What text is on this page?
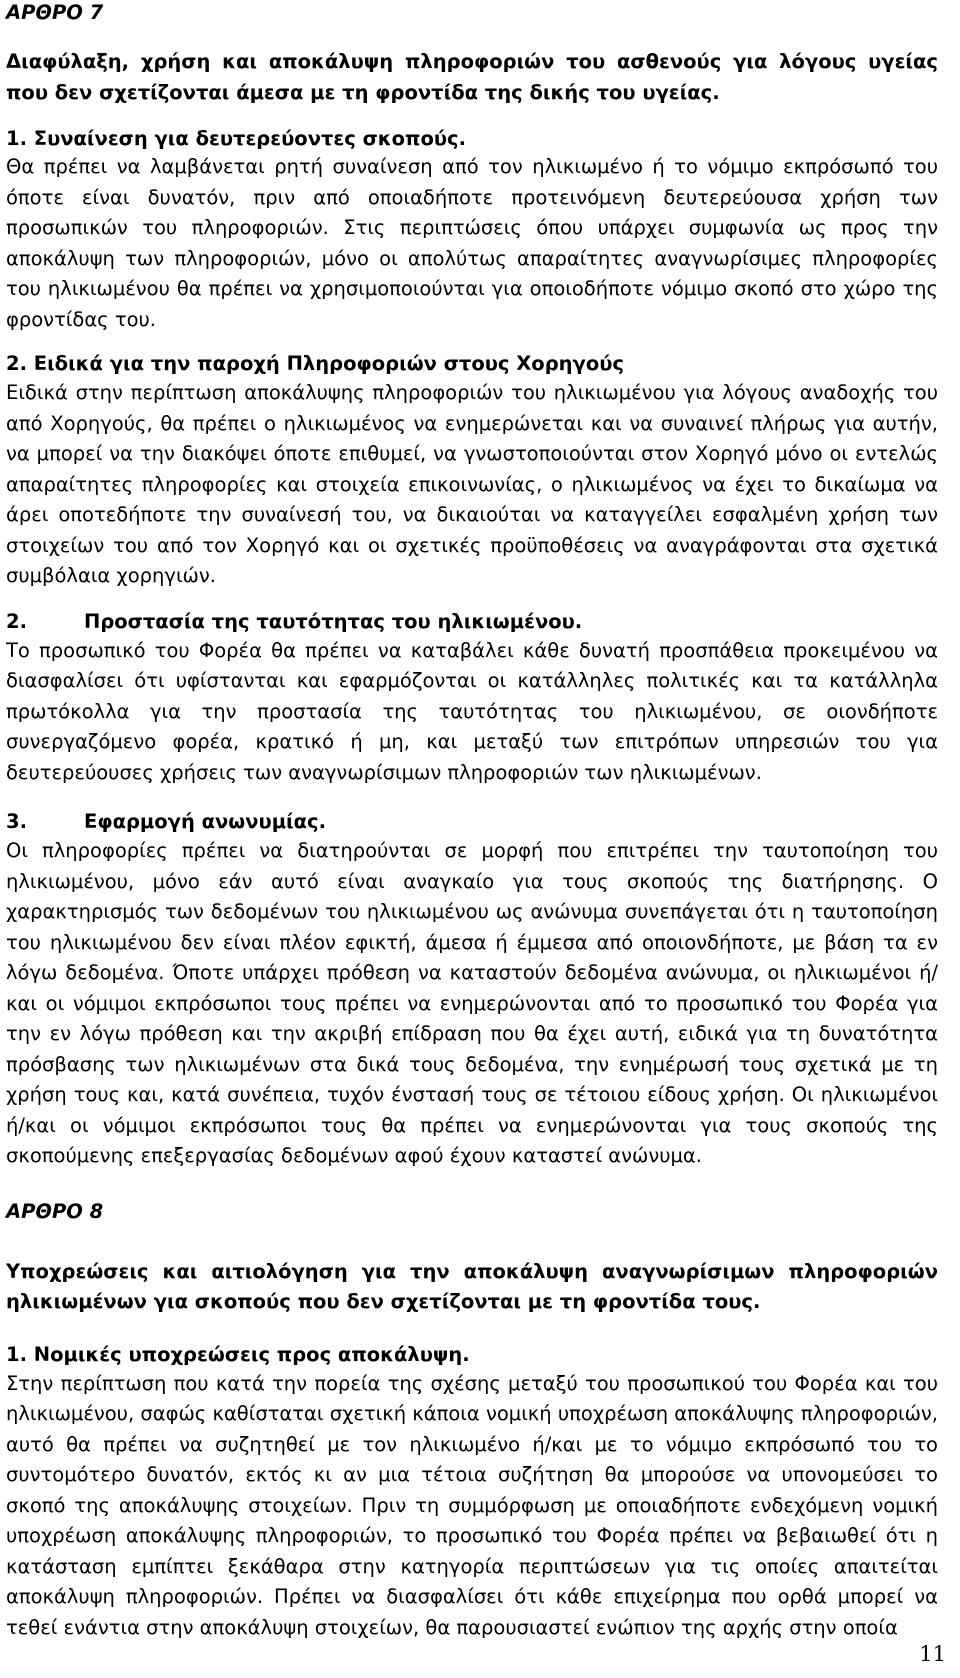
ΑΡΘΡΟ 7

Διαφύλαξη, χρήση και αποκάλυψη πληροφοριών του ασθενούς για λόγους υγείας που δεν σχετίζονται άμεσα με τη φροντίδα της δικής του υγείας.

1. Συναίνεση για δευτερεύοντες σκοπούς.

Θα πρέπει να λαμβάνεται ρητή συναίνεση από τον ηλικιωμένο ή το νόμιμο εκπρόσωπό του όποτε είναι δυνατόν, πριν από οποιαδήποτε προτεινόμενη δευτερεύουσα χρήση των προσωπικών του πληροφοριών. Στις περιπτώσεις όπου υπάρχει συμφωνία ως προς την αποκάλυψη των πληροφοριών, μόνο οι απολύτως απαραίτητες αναγνωρίσιμες πληροφορίες του ηλικιωμένου θα πρέπει να χρησιμοποιούνται για οποιοδήποτε νόμιμο σκοπό στο χώρο της φροντίδας του.

2. Ειδικά για την παροχή Πληροφοριών στους Χορηγούς

Ειδικά στην περίπτωση αποκάλυψης πληροφοριών του ηλικιωμένου για λόγους αναδοχής του από Χορηγούς, θα πρέπει ο ηλικιωμένος να ενημερώνεται και να συναινεί πλήρως για αυτήν, να μπορεί να την διακόψει όποτε επιθυμεί, να γνωστοποιούνται στον Χορηγό μόνο οι εντελώς απαραίτητες πληροφορίες και στοιχεία επικοινωνίας, ο ηλικιωμένος να έχει το δικαίωμα να άρει οποτεδήποτε την συναίνεσή του, να δικαιούται να καταγγείλει εσφαλμένη χρήση των στοιχείων του από τον Χορηγό και οι σχετικές προϋποθέσεις να αναγράφονται στα σχετικά συμβόλαια χορηγιών.

2.	Προστασία της ταυτότητας του ηλικιωμένου.

Το προσωπικό του Φορέα θα πρέπει να καταβάλει κάθε δυνατή προσπάθεια προκειμένου να διασφαλίσει ότι υφίστανται και εφαρμόζονται οι κατάλληλες πολιτικές και τα κατάλληλα πρωτόκολλα για την προστασία της ταυτότητας του ηλικιωμένου, σε οιονδήποτε συνεργαζόμενο φορέα, κρατικό ή μη, και μεταξύ των επιτρόπων υπηρεσιών του για δευτερεύουσες χρήσεις των αναγνωρίσιμων πληροφοριών των ηλικιωμένων.

3.	Εφαρμογή ανωνυμίας.

Οι πληροφορίες πρέπει να διατηρούνται σε μορφή που επιτρέπει την ταυτοποίηση του ηλικιωμένου, μόνο εάν αυτό είναι αναγκαίο για τους σκοπούς της διατήρησης. Ο χαρακτηρισμός των δεδομένων του ηλικιωμένου ως ανώνυμα συνεπάγεται ότι η ταυτοποίηση του ηλικιωμένου δεν είναι πλέον εφικτή, άμεσα ή έμμεσα από οποιονδήποτε, με βάση τα εν λόγω δεδομένα. Όποτε υπάρχει πρόθεση να καταστούν δεδομένα ανώνυμα, οι ηλικιωμένοι ή/και οι νόμιμοι εκπρόσωποι τους πρέπει να ενημερώνονται από το προσωπικό του Φορέα για την εν λόγω πρόθεση και την ακριβή επίδραση που θα έχει αυτή, ειδικά για τη δυνατότητα πρόσβασης των ηλικιωμένων στα δικά τους δεδομένα, την ενημέρωσή τους σχετικά με τη χρήση τους και, κατά συνέπεια, τυχόν ένστασή τους σε τέτοιου είδους χρήση. Οι ηλικιωμένοι ή/και οι νόμιμοι εκπρόσωποι τους θα πρέπει να ενημερώνονται για τους σκοπούς της σκοπούμενης επεξεργασίας δεδομένων αφού έχουν καταστεί ανώνυμα.

ΑΡΘΡΟ 8

Υποχρεώσεις και αιτιολόγηση για την αποκάλυψη αναγνωρίσιμων πληροφοριών ηλικιωμένων για σκοπούς που δεν σχετίζονται με τη φροντίδα τους.

1. Νομικές υποχρεώσεις προς αποκάλυψη.

Στην περίπτωση που κατά την πορεία της σχέσης μεταξύ του προσωπικού του Φορέα και του ηλικιωμένου, σαφώς καθίσταται σχετική κάποια νομική υποχρέωση αποκάλυψης πληροφοριών, αυτό θα πρέπει να συζητηθεί με τον ηλικιωμένο ή/και με το νόμιμο εκπρόσωπό του το συντομότερο δυνατόν, εκτός κι αν μια τέτοια συζήτηση θα μπορούσε να υπονομεύσει το σκοπό της αποκάλυψης στοιχείων. Πριν τη συμμόρφωση με οποιαδήποτε ενδεχόμενη νομική υποχρέωση αποκάλυψης πληροφοριών, το προσωπικό του Φορέα πρέπει να βεβαιωθεί ότι η κατάσταση εμπίπτει ξεκάθαρα στην κατηγορία περιπτώσεων για τις οποίες απαιτείται αποκάλυψη πληροφοριών. Πρέπει να διασφαλίσει ότι κάθε επιχείρημα που ορθά μπορεί να τεθεί ενάντια στην αποκάλυψη στοιχείων, θα παρουσιαστεί ενώπιον της αρχής στην οποία

11
